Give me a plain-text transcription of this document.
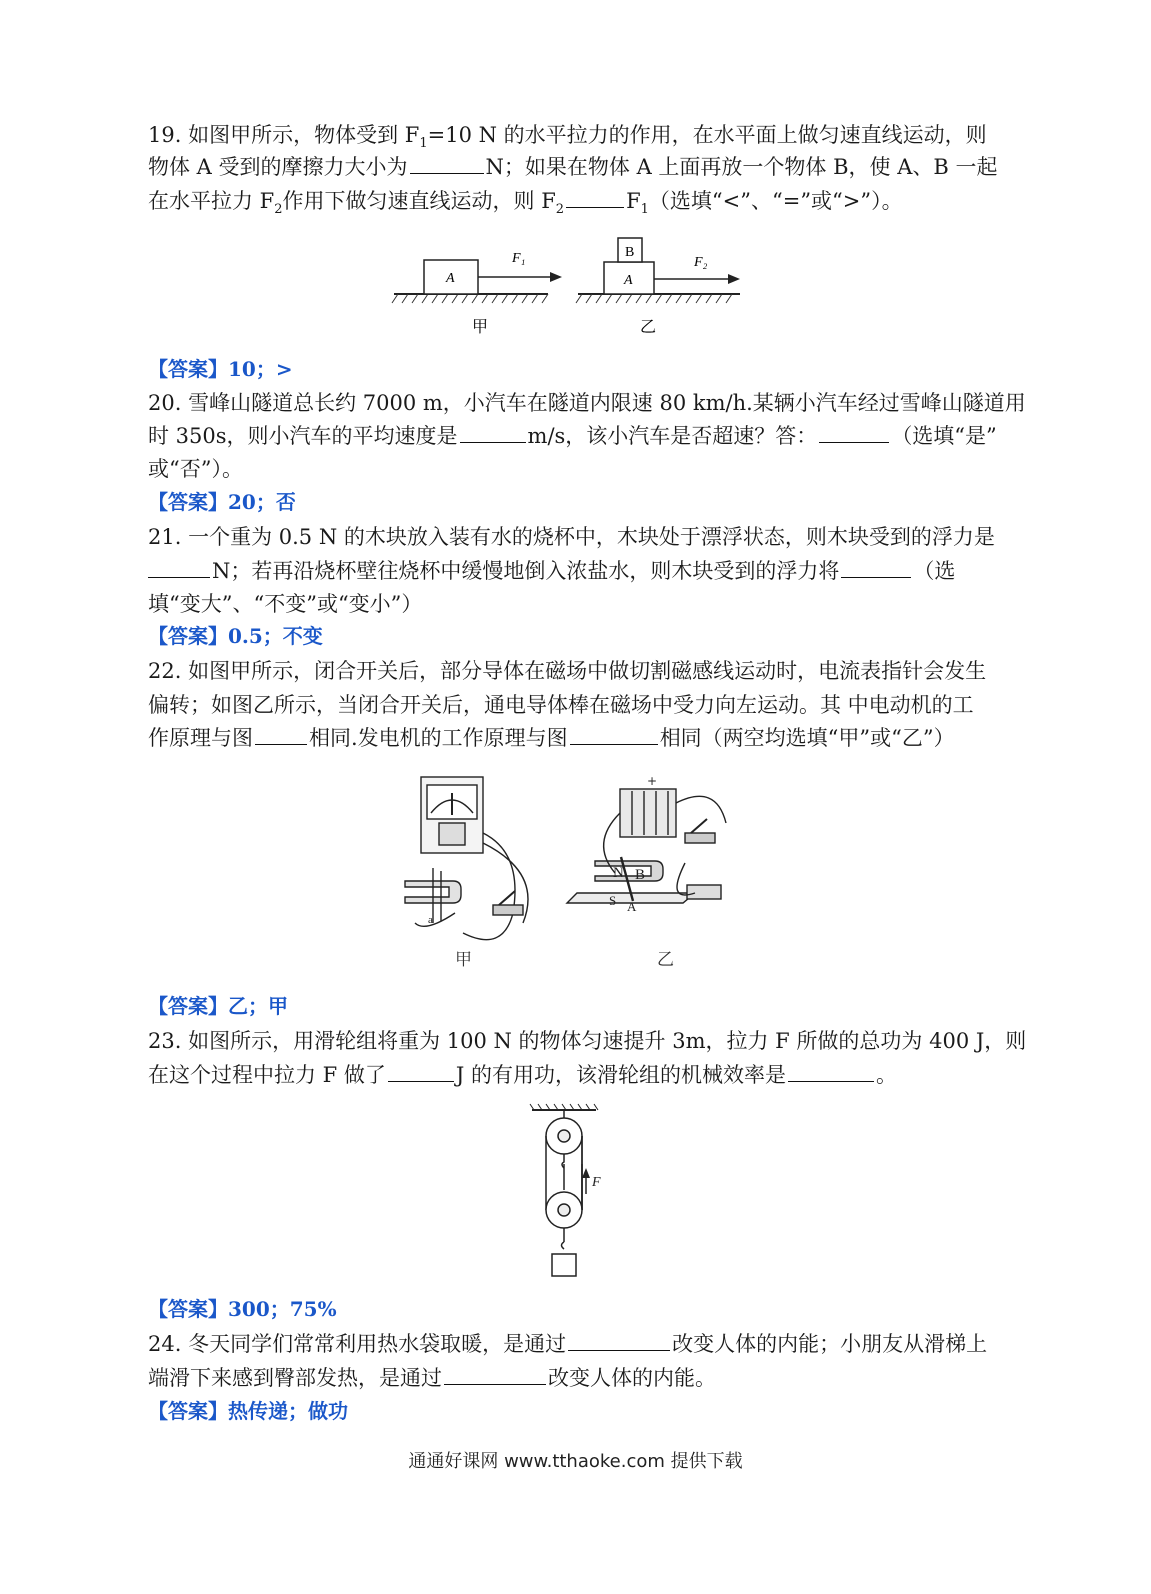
19. 如图甲所示，物体受到 $F_1=10$ N 的水平拉力的作用，在水平面上做匀速直线运动，则
物体 A 受到的摩擦力大小为	N；如果在物体 A 上面再放一个物体 B，使 A、B 一起
在水平拉力 $F_2$作用下做匀速直线运动，则 $F_2$	$F_1$（选填“<”、“=”或“>”）。
A
F₁
甲
B
A
F₂
乙
【答案】10；>
20. 雪峰山隧道总长约 7000 m，小汽车在隧道内限速 80 km/h.某辆小汽车经过雪峰山隧道用
时 350s，则小汽车的平均速度是	m/s，该小汽车是否超速？答：	（选填“是”
或“否”）。
【答案】20；否
21. 一个重为 0.5 N 的木块放入装有水的烧杯中，木块处于漂浮状态，则木块受到的浮力是
N；若再沿烧杯壁往烧杯中缓慢地倒入浓盐水，则木块受到的浮力将	（选
填“变大”、“不变”或“变小”）
【答案】0.5；不变
22. 如图甲所示，闭合开关后，部分导体在磁场中做切割磁感线运动时，电流表指针会发生
偏转；如图乙所示，当闭合开关后，通电导体棒在磁场中受力向左运动。其 中电动机的工
作原理与图	相同.发电机的工作原理与图	相同（两空均选填“甲”或“乙”）
a
甲
+
N
S
B
A
乙
【答案】乙；甲
23. 如图所示，用滑轮组将重为 100 N 的物体匀速提升 3m，拉力 F 所做的总功为 400 J，则
在这个过程中拉力 F 做了	J 的有用功，该滑轮组的机械效率是	。
F
【答案】300；75%
24. 冬天同学们常常利用热水袋取暖，是通过	改变人体的内能；小朋友从滑梯上
端滑下来感到臀部发热，是通过	改变人体的内能。
【答案】热传递；做功
通通好课网 www.tthaoke.com 提供下载
